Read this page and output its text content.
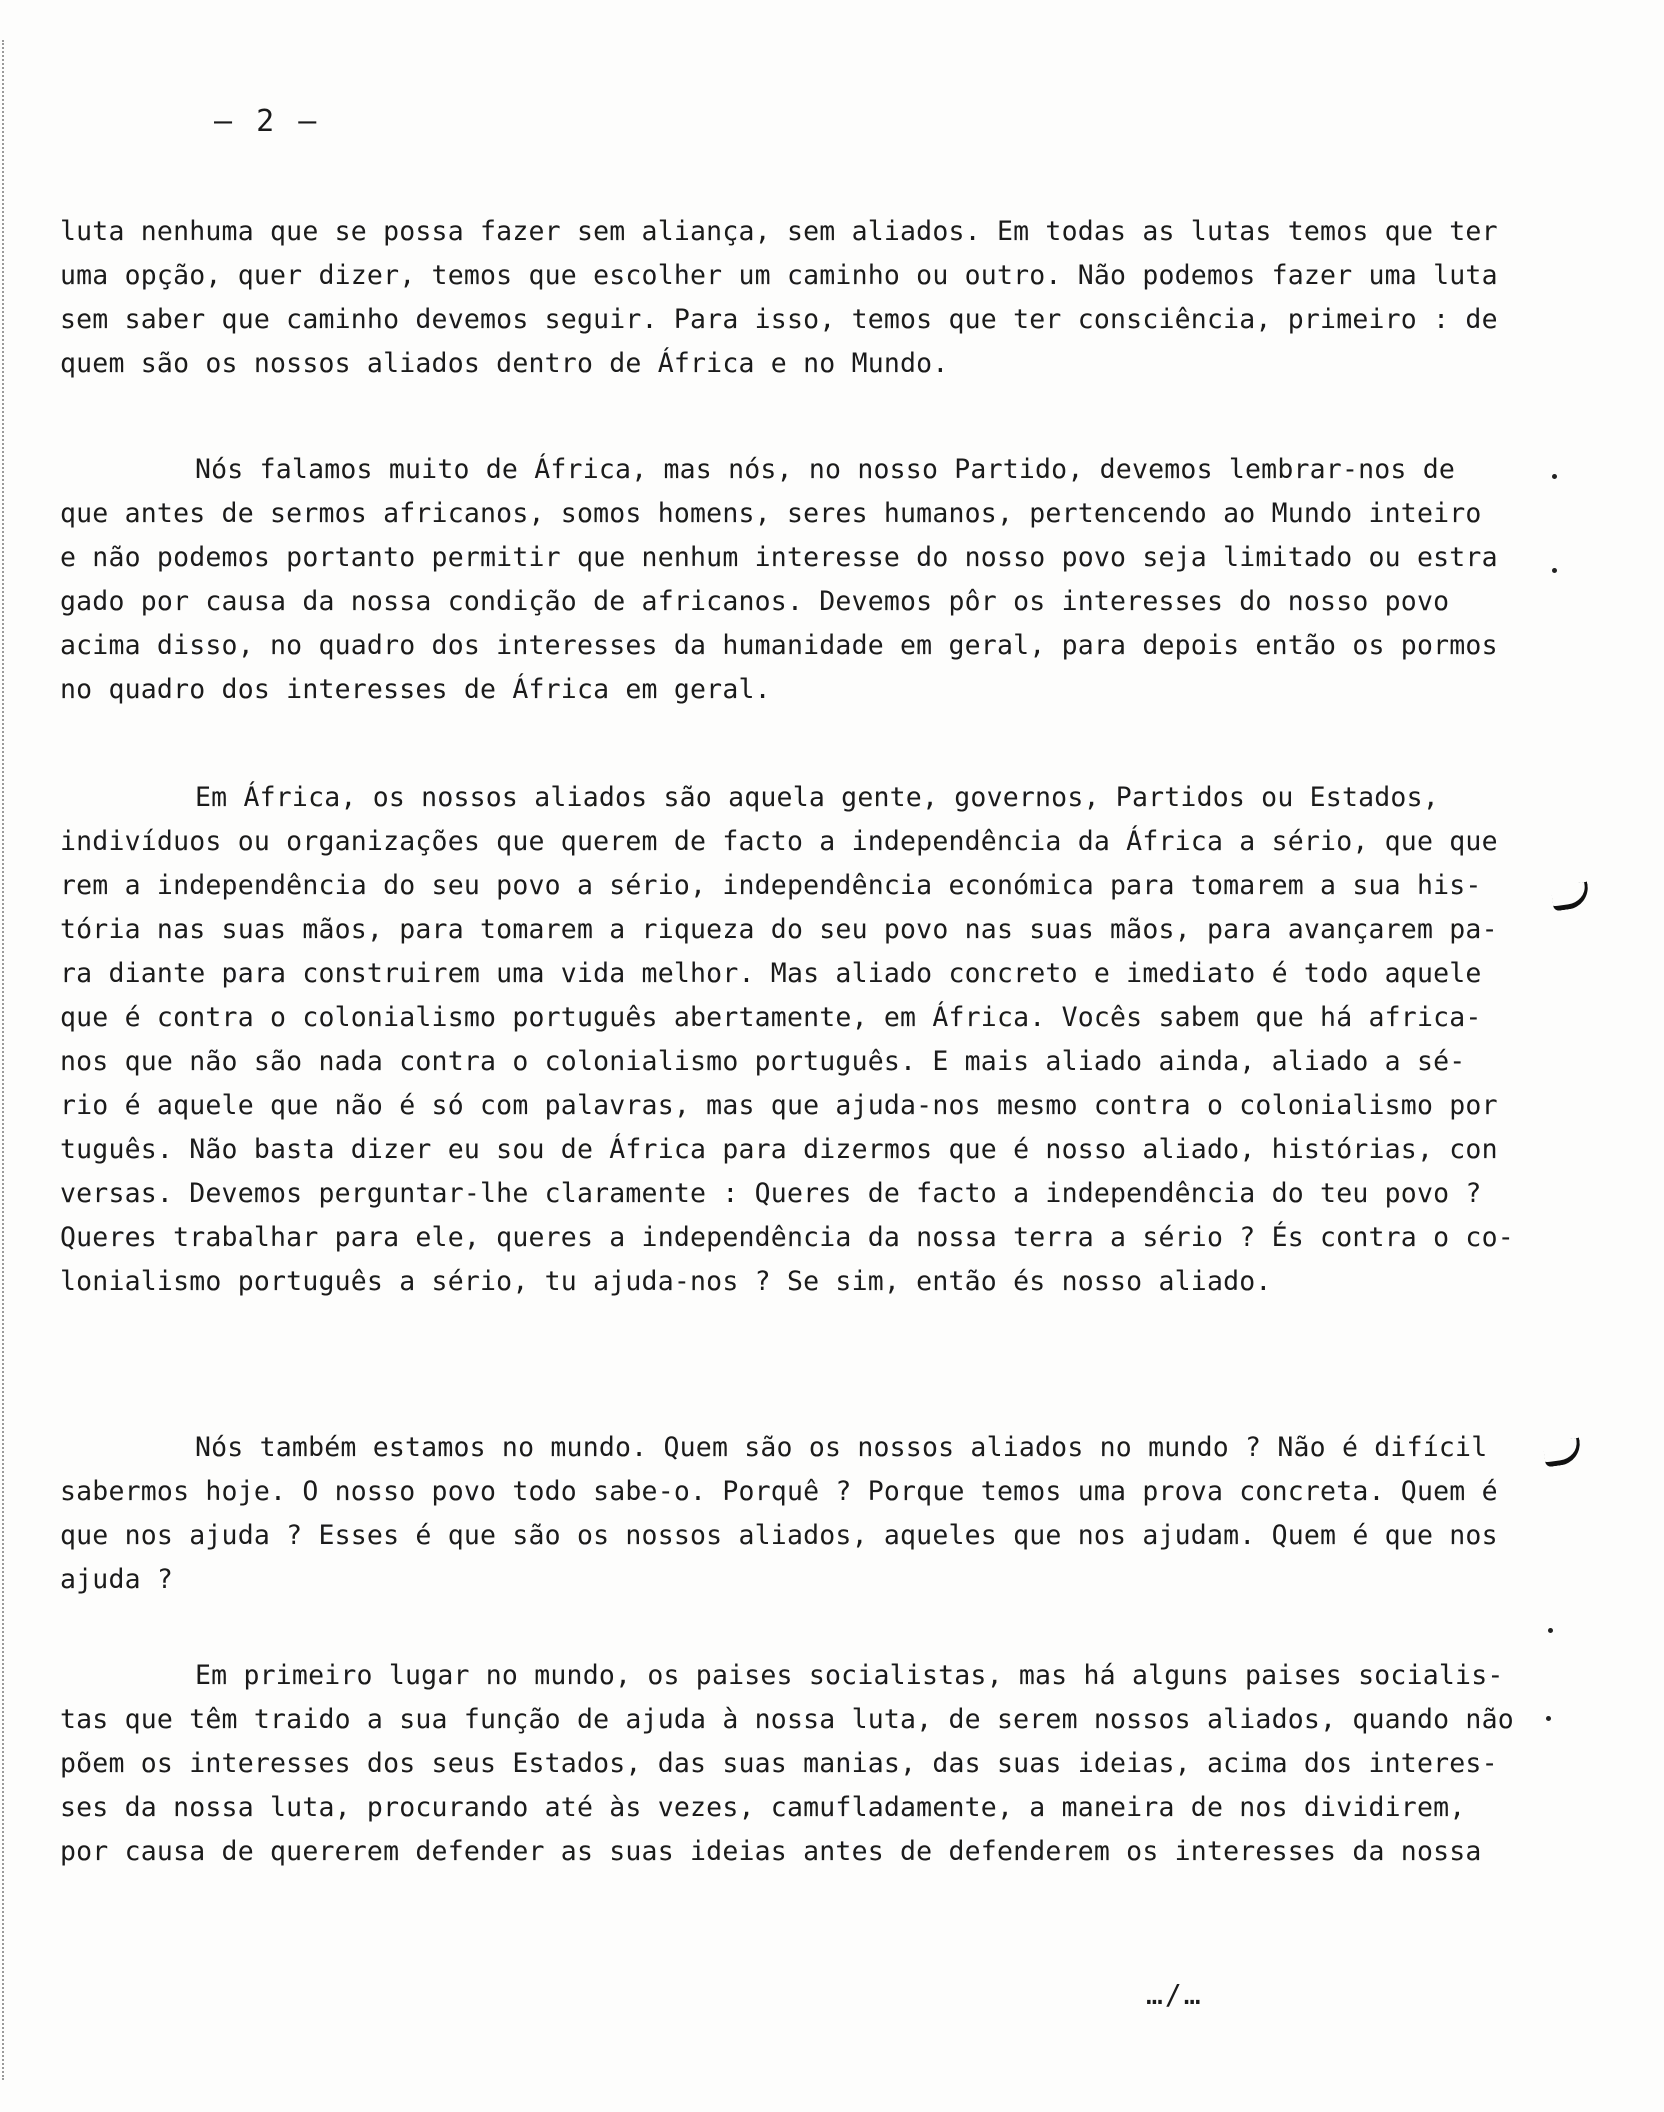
– 2 –

luta nenhuma que se possa fazer sem aliança, sem aliados. Em todas as lutas temos que ter
uma opção, quer dizer, temos que escolher um caminho ou outro. Não podemos fazer uma luta
sem saber que caminho devemos seguir. Para isso, temos que ter consciência, primeiro : de
quem são os nossos aliados dentro de África e no Mundo.

Nós falamos muito de África, mas nós, no nosso Partido, devemos lembrar-nos de
que antes de sermos africanos, somos homens, seres humanos, pertencendo ao Mundo inteiro
e não podemos portanto permitir que nenhum interesse do nosso povo seja limitado ou estra
gado por causa da nossa condição de africanos. Devemos pôr os interesses do nosso povo
acima disso, no quadro dos interesses da humanidade em geral, para depois então os pormos
no quadro dos interesses de África em geral.

Em África, os nossos aliados são aquela gente, governos, Partidos ou Estados,
indivíduos ou organizações que querem de facto a independência da África a sério, que que
rem a independência do seu povo a sério, independência económica para tomarem a sua his-
tória nas suas mãos, para tomarem a riqueza do seu povo nas suas mãos, para avançarem pa-
ra diante para construirem uma vida melhor. Mas aliado concreto e imediato é todo aquele
que é contra o colonialismo português abertamente, em África. Vocês sabem que há africa-
nos que não são nada contra o colonialismo português. E mais aliado ainda, aliado a sé-
rio é aquele que não é só com palavras, mas que ajuda-nos mesmo contra o colonialismo por
tuguês. Não basta dizer eu sou de África para dizermos que é nosso aliado, histórias, con
versas. Devemos perguntar-lhe claramente : Queres de facto a independência do teu povo ?
Queres trabalhar para ele, queres a independência da nossa terra a sério ? És contra o co-
lonialismo português a sério, tu ajuda-nos ? Se sim, então és nosso aliado.

Nós também estamos no mundo. Quem são os nossos aliados no mundo ? Não é difícil
sabermos hoje. O nosso povo todo sabe-o. Porquê ? Porque temos uma prova concreta. Quem é
que nos ajuda ? Esses é que são os nossos aliados, aqueles que nos ajudam. Quem é que nos
ajuda ?

Em primeiro lugar no mundo, os paises socialistas, mas há alguns paises socialis-
tas que têm traido a sua função de ajuda à nossa luta, de serem nossos aliados, quando não
põem os interesses dos seus Estados, das suas manias, das suas ideias, acima dos interes-
ses da nossa luta, procurando até às vezes, camufladamente, a maneira de nos dividirem,
por causa de quererem defender as suas ideias antes de defenderem os interesses da nossa

…/…
